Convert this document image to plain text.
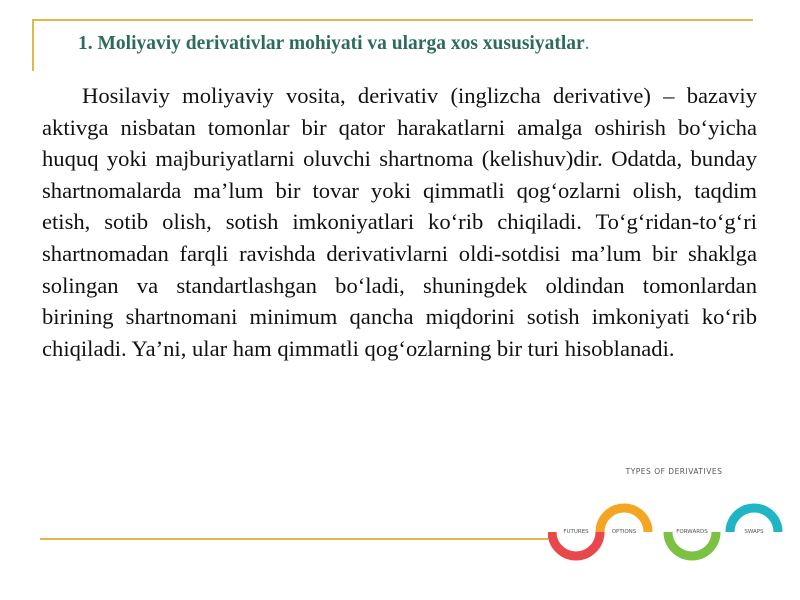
1. Moliyaviy derivativlar mohiyati va ularga xos xususiyatlar.

Hosilaviy moliyaviy vosita, derivativ (inglizcha derivative) – bazaviy aktivga nisbatan tomonlar bir qator harakatlarni amalga oshirish bo‘yicha huquq yoki majburiyatlarni oluvchi shartnoma (kelishuv)dir. Odatda, bunday shartnomalarda ma’lum bir tovar yoki qimmatli qog‘ozlarni olish, taqdim etish, sotib olish, sotish imkoniyatlari ko‘rib chiqiladi. To‘g‘ridan-to‘g‘ri shartnomadan farqli ravishda derivativlarni oldi-sotdisi ma’lum bir shaklga solingan va standartlashgan bo‘ladi, shuningdek oldindan tomonlardan birining shartnomani minimum qancha miqdorini sotish imkoniyati ko‘rib chiqiladi. Ya’ni, ular ham qimmatli qog‘ozlarning bir turi hisoblanadi.

TYPES OF DERIVATIVES
FUTURES	OPTIONS	FORWARDS	SWAPS
